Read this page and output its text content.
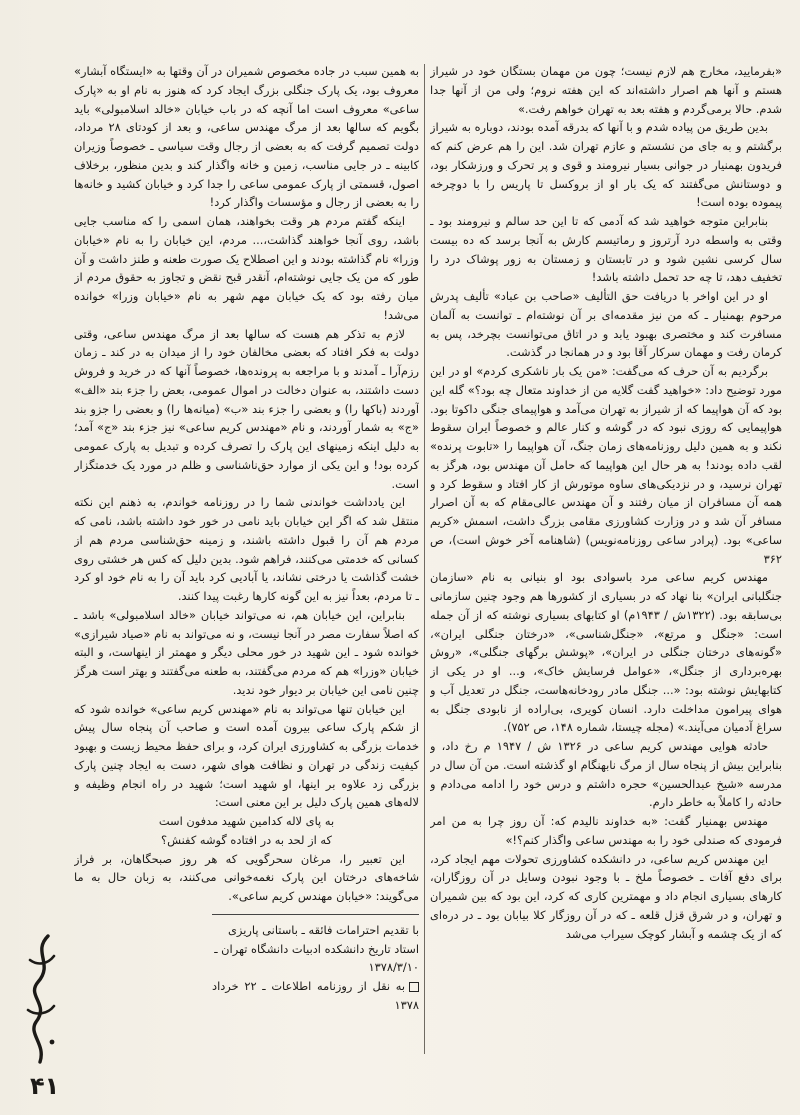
«بفرمایید، مخارج هم لازم نیست؛ چون من مهمان بستگان خود در شیراز هستم و آنها هم اصرار داشته‌اند که این هفته نروم؛ ولی من از آنها جدا شدم. حالا برمی‌گردم و هفته بعد به تهران خواهم رفت.»

بدین طریق من پیاده شدم و با آنها که بدرقه آمده بودند، دوباره به شیراز برگشتم و به جای من نشستم و عازم تهران شد. این را هم عرض کنم که فریدون بهمنیار در جوانی بسیار نیرومند و قوی و پر تحرک و ورزشکار بود، و دوستانش می‌گفتند که یک بار او از بروکسل تا پاریس را با دوچرخه پیموده بوده است!

بنابراین متوجه خواهید شد که آدمی که تا این حد سالم و نیرومند بود ـ وقتی به واسطه درد آرتروز و رماتیسم کارش به آنجا برسد که ده بیست سال کرسی نشین شود و در تابستان و زمستان به زور پوشاک درد را تخفیف دهد، تا چه حد تحمل داشته باشد!

او در این اواخر با دریافت حق التألیف «صاحب بن عباد» تألیف پدرش مرحوم بهمنیار ـ که من نیز مقدمه‌ای بر آن نوشته‌ام ـ توانست به آلمان مسافرت کند و مختصری بهبود یابد و در اتاق می‌توانست بچرخد، پس به کرمان رفت و مهمان سرکار آقا بود و در همانجا در گذشت.

برگردیم به آن حرف که می‌گفت: «من یک بار ناشکری کردم» او در این مورد توضیح داد: «خواهید گفت گلایه من از خداوند متعال چه بود؟» گله این بود که آن هواپیما که از شیراز به تهران می‌آمد و هواپیمای جنگی داکوتا بود. هواپیمایی که روزی نبود که در گوشه و کنار عالم و خصوصاً ایران سقوط نکند و به همین دلیل روزنامه‌های زمان جنگ، آن هواپیما را «تابوت پرنده» لقب داده بودند! به هر حال این هواپیما که حامل آن مهندس بود، هرگز به تهران نرسید، و در نزدیکی‌های ساوه موتورش از کار افتاد و سقوط کرد و همه آن مسافران از میان رفتند و آن مهندس عالی‌مقام که به آن اصرار مسافر آن شد و در وزارت کشاورزی مقامی بزرگ داشت، اسمش «کریم ساعی» بود. (پرادر ساعی روزنامه‌نویس) (شاهنامه آخر خوش است)، ص ۳۶۲

مهندس کریم ساعی مرد باسوادی بود او بنیانی به نام «سازمان جنگلبانی ایران» بنا نهاد که در بسیاری از کشورها هم وجود چنین سازمانی بی‌سابقه بود. (۱۳۲۲ش / ۱۹۴۳م) او کتابهای بسیاری نوشته که از آن جمله است: «جنگل و مرتع»، «جنگل‌شناسی»، «درختان جنگلی ایران»، «گونه‌های درختان جنگلی در ایران»، «پوشش برگهای جنگلی»، «روش بهره‌برداری از جنگل»، «عوامل فرسایش خاک»، و... او در یکی از کتابهایش نوشته بود: «... جنگل مادر رودخانه‌هاست، جنگل در تعدیل آب و هوای پیرامون مداخلت دارد. انسان کویری، بی‌اراده از نابودی جنگل به سراغ آدمیان می‌آیند.» (مجله چیستا، شماره ۱۴۸، ص ۷۵۲).

حادثه هوایی مهندس کریم ساعی در ۱۳۲۶ ش / ۱۹۴۷ م رخ داد، و بنابراین بیش از پنجاه سال از مرگ نابهنگام او گذشته است. من آن سال در مدرسه «شیخ عبدالحسین» حجره داشتم و درس خود را ادامه می‌دادم و حادثه را کاملاً به خاطر دارم.

مهندس بهمنیار گفت: «به خداوند نالیدم که: آن روز چرا به من امر فرمودی که صندلی خود را به مهندس ساعی واگذار کنم؟!»

این مهندس کریم ساعی، در دانشکده کشاورزی تحولات مهم ایجاد کرد، برای دفع آفات ـ خصوصاً ملخ ـ با وجود نبودن وسایل در آن روزگاران، کارهای بسیاری انجام داد و مهمترین کاری که کرد، این بود که بین شمیران و تهران، و در شرق قزل قلعه ـ که در آن روزگار کلا بیابان بود ـ در دره‌ای که از یک چشمه و آبشار کوچک سیراب می‌شد

به همین سبب در جاده مخصوص شمیران در آن وقتها به «ایستگاه آبشار» معروف بود، یک پارک جنگلی بزرگ ایجاد کرد که هنوز به نام او به «پارک ساعی» معروف است اما آنچه که در باب خیابان «خالد اسلامبولی» باید بگویم که سالها بعد از مرگ مهندس ساعی، و بعد از کودتای ۲۸ مرداد، دولت تصمیم گرفت که به بعضی از رجال وقت سیاسی ـ خصوصاً وزیران کابینه ـ در جایی مناسب، زمین و خانه واگذار کند و بدین منظور، برخلاف اصول، قسمتی از پارک عمومی ساعی را جدا کرد و خیابان کشید و خانه‌ها را به بعضی از رجال و مؤسسات واگذار کرد!

اینکه گفتم مردم هر وقت بخواهند، همان اسمی را که مناسب جایی باشد، روی آنجا خواهند گذاشت،... مردم، این خیابان را به نام «خیابان وزرا» نام گذاشته بودند و این اصطلاح یک صورت طعنه و طنز داشت و آن طور که من یک جایی نوشته‌ام، آنقدر قبح نقض و تجاوز به حقوق مردم از میان رفته بود که یک خیابان مهم شهر به نام «خیابان وزرا» خوانده می‌شد!

لازم به تذکر هم هست که سالها بعد از مرگ مهندس ساعی، وقتی دولت به فکر افتاد که بعضی مخالفان خود را از میدان به در کند ـ زمان رزم‌آرا ـ آمدند و با مراجعه به پرونده‌ها، خصوصاً آنها که در خرید و فروش دست داشتند، به عنوان دخالت در اموال عمومی، بعض را جزء بند «الف» آوردند (باکها را) و بعضی را جزء بند «ب» (میانه‌ها را) و بعضی را جزو بند «ج» به شمار آوردند، و نام «مهندس کریم ساعی» نیز جزء بند «ج» آمد؛ به دلیل اینکه زمینهای این پارک را تصرف کرده و تبدیل به پارک عمومی کرده بود! و این یکی از موارد حق‌ناشناسی و ظلم در مورد یک خدمتگزار است.

این یادداشت خواندنی شما را در روزنامه خواندم، به ذهنم این نکته منتقل شد که اگر این خیابان باید نامی در خور خود داشته باشد، نامی که مردم هم آن را قبول داشته باشند، و زمینه حق‌شناسی مردم هم از کسانی که خدمتی می‌کنند، فراهم شود. بدین دلیل که کس هر خشتی روی خشت گذاشت یا درختی نشاند، یا آبادیی کرد باید آن را به نام خود او کرد ـ تا مردم، بعداً نیز به این گونه کارها رغبت پیدا کنند.

بنابراین، این خیابان هم، نه می‌تواند خیابان «خالد اسلامبولی» باشد ـ که اصلاً سفارت مصر در آنجا نیست، و نه می‌تواند به نام «صیاد شیرازی» خوانده شود ـ این شهید در خور محلی دیگر و مهمتر از اینهاست، و البته خیابان «وزرا» هم که مردم می‌گفتند، به طعنه می‌گفتند و بهتر است هرگز چنین نامی این خیابان بر دیوار خود ندید.

این خیابان تنها می‌تواند به نام «مهندس کریم ساعی» خوانده شود که از شکم پارک ساعی بیرون آمده است و صاحب آن پنجاه سال پیش خدمات بزرگی به کشاورزی ایران کرد، و برای حفظ محیط زیست و بهبود کیفیت زندگی در تهران و نظافت هوای شهر، دست به ایجاد چنین پارک بزرگی زد علاوه بر اینها، او شهید است؛ شهید در راه انجام وظیفه و لاله‌های همین پارک دلیل بر این معنی است:

به پای لاله کدامین شهید مدفون است

که از لحد به در افتاده گوشه کفنش؟

این تعبیر را، مرغان سحرگویی که هر روز صبحگاهان، بر فراز شاخه‌های درختان این پارک نغمه‌خوانی می‌کنند، به زبان حال به ما می‌گویند: «خیابان مهندس کریم ساعی».

با تقدیم احترامات فائقه ـ باستانی پاریزی

استاد تاریخ دانشکده ادبیات دانشگاه تهران ـ ۱۳۷۸/۳/۱۰

به نقل از روزنامه اطلاعات ـ ۲۲ خرداد ۱۳۷۸

۴۱
